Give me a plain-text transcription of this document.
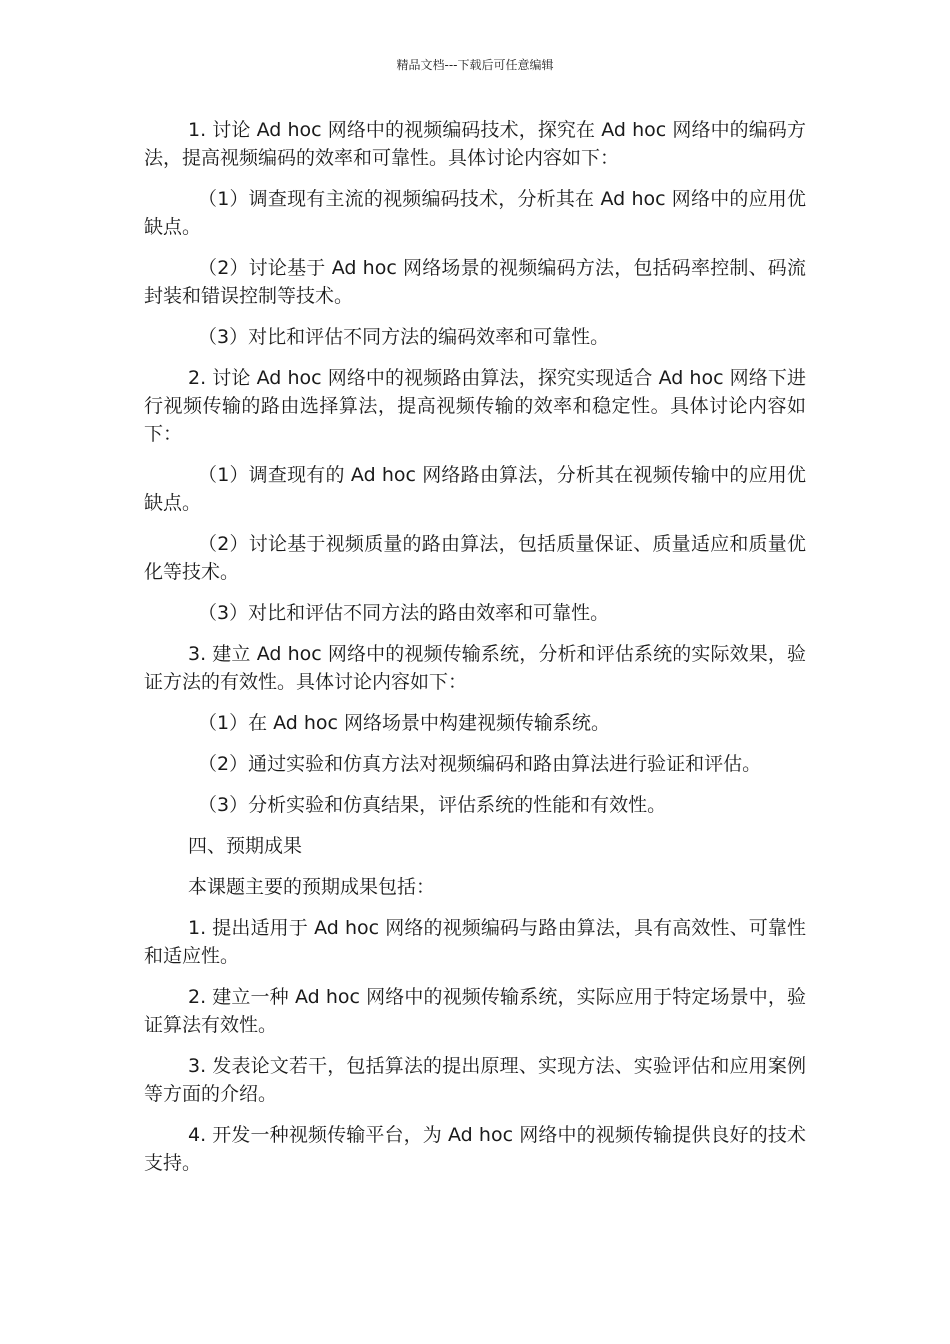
精品文档---下载后可任意编辑

1. 讨论 Ad hoc 网络中的视频编码技术，探究在 Ad hoc 网络中的编码方法，提高视频编码的效率和可靠性。具体讨论内容如下：

（1）调查现有主流的视频编码技术，分析其在 Ad hoc 网络中的应用优缺点。

（2）讨论基于 Ad hoc 网络场景的视频编码方法，包括码率控制、码流封装和错误控制等技术。

（3）对比和评估不同方法的编码效率和可靠性。

2. 讨论 Ad hoc 网络中的视频路由算法，探究实现适合 Ad hoc 网络下进行视频传输的路由选择算法，提高视频传输的效率和稳定性。具体讨论内容如下：

（1）调查现有的 Ad hoc 网络路由算法，分析其在视频传输中的应用优缺点。

（2）讨论基于视频质量的路由算法，包括质量保证、质量适应和质量优化等技术。

（3）对比和评估不同方法的路由效率和可靠性。

3. 建立 Ad hoc 网络中的视频传输系统，分析和评估系统的实际效果，验证方法的有效性。具体讨论内容如下：

（1）在 Ad hoc 网络场景中构建视频传输系统。

（2）通过实验和仿真方法对视频编码和路由算法进行验证和评估。

（3）分析实验和仿真结果，评估系统的性能和有效性。

四、预期成果

本课题主要的预期成果包括：

1. 提出适用于 Ad hoc 网络的视频编码与路由算法，具有高效性、可靠性和适应性。

2. 建立一种 Ad hoc 网络中的视频传输系统，实际应用于特定场景中，验证算法有效性。

3. 发表论文若干，包括算法的提出原理、实现方法、实验评估和应用案例等方面的介绍。

4. 开发一种视频传输平台，为 Ad hoc 网络中的视频传输提供良好的技术支持。
